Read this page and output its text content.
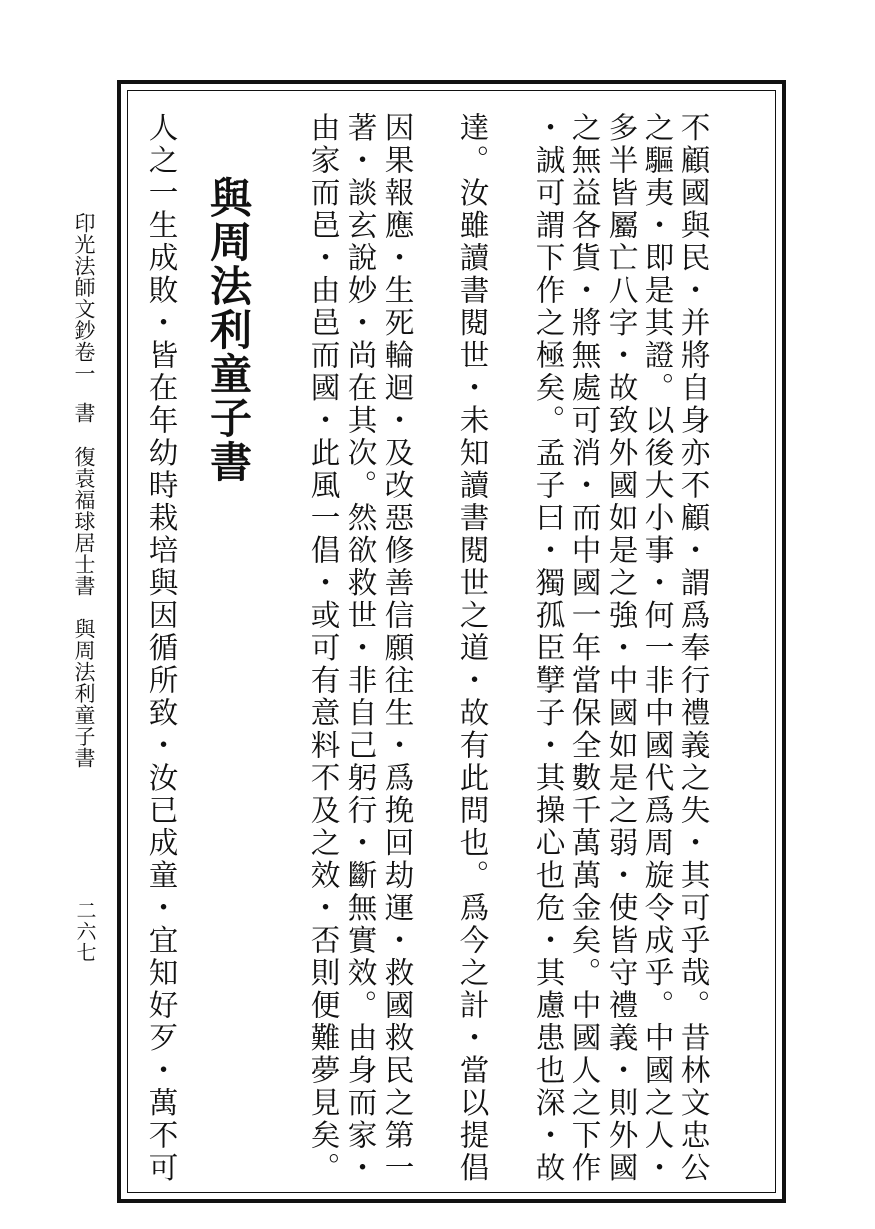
不顧國與民・并將自身亦不顧・謂爲奉行禮義之失・其可乎哉。昔林文忠公
之驅夷・即是其證。以後大小事・何一非中國代爲周旋令成乎。中國之人・
多半皆屬亡八字・故致外國如是之強・中國如是之弱・使皆守禮義・則外國
之無益各貨・將無處可消・而中國一年當保全數千萬萬金矣。中國人之下作
・誠可謂下作之極矣。孟子曰・獨孤臣孼子・其操心也危・其慮患也深・故
達。汝雖讀書閱世・未知讀書閱世之道・故有此問也。爲今之計・當以提倡
因果報應・生死輪迴・及改惡修善信願往生・爲挽回劫運・救國救民之第一
著・談玄說妙・尚在其次。然欲救世・非自己躬行・斷無實效。由身而家・
由家而邑・由邑而國・此風一倡・或可有意料不及之效・否則便難夢見矣。
與周法利童子書
人之一生成敗・皆在年幼時栽培與因循所致・汝已成童・宜知好歹・萬不可
印光法師文鈔卷一書復袁福球居士書與周法利童子書
二六七
